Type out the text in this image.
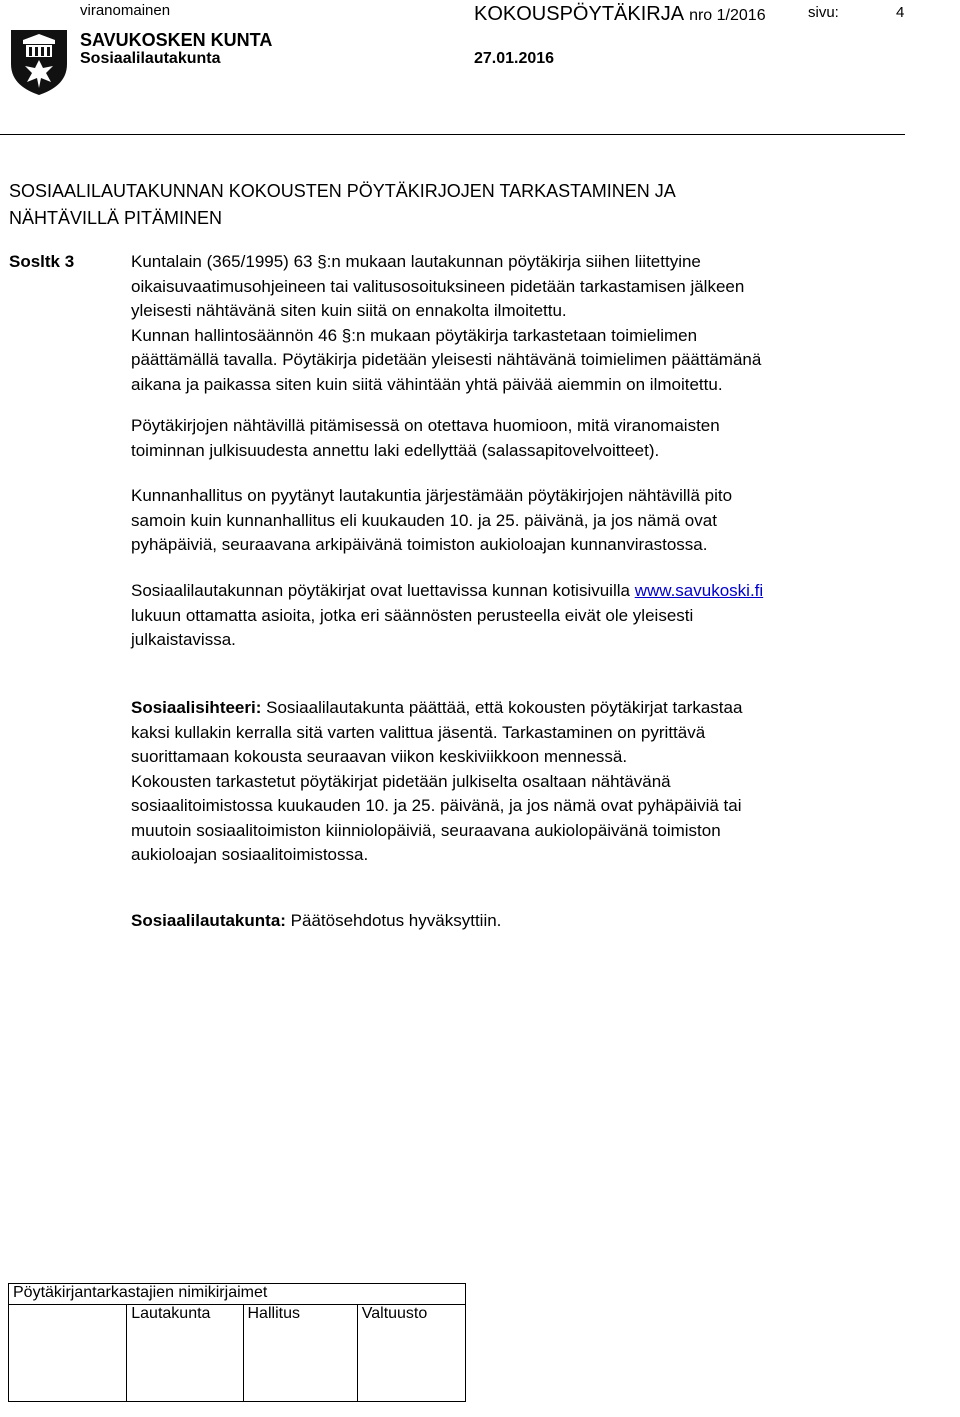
viranomainen	KOKOUSPÖYTÄKIRJA nro 1/2016	sivu:	4
SAVUKOSKEN KUNTA
Sosiaalilautakunta	27.01.2016
SOSIAALILAUTAKUNNAN KOKOUSTEN PÖYTÄKIRJOJEN TARKASTAMINEN JA
NÄHTÄVILLÄ PITÄMINEN
Sosltk 3	Kuntalain (365/1995) 63 §:n mukaan lautakunnan pöytäkirja siihen liitettyine
oikaisuvaatimusohjeineen tai valitusosoituksineen pidetään tarkastamisen jälkeen
yleisesti nähtävänä siten kuin siitä on ennakolta ilmoitettu.
Kunnan hallintosäännön 46 §:n mukaan pöytäkirja tarkastetaan toimielimen
päättämällä tavalla. Pöytäkirja pidetään yleisesti nähtävänä toimielimen päättämänä
aikana ja paikassa siten kuin siitä vähintään yhtä päivää aiemmin on ilmoitettu.
Pöytäkirjojen nähtävillä pitämisessä on otettava huomioon, mitä viranomaisten
toiminnan julkisuudesta annettu laki edellyttää (salassapitovelvoitteet).
Kunnanhallitus on pyytänyt lautakuntia järjestämään pöytäkirjojen nähtävillä pito
samoin kuin kunnanhallitus eli kuukauden 10. ja 25. päivänä, ja jos nämä ovat
pyhäpäiviä, seuraavana arkipäivänä toimiston aukioloajan kunnanvirastossa.
Sosiaalilautakunnan pöytäkirjat ovat luettavissa kunnan kotisivuilla www.savukoski.fi
lukuun ottamatta asioita, jotka eri säännösten perusteella eivät ole yleisesti
julkaistavissa.
Sosiaalisihteeri: Sosiaalilautakunta päättää, että kokousten pöytäkirjat tarkastaa
kaksi kullakin kerralla sitä varten valittua jäsentä. Tarkastaminen on pyrittävä
suorittamaan kokousta seuraavan viikon keskiviikkoon mennessä.
Kokousten tarkastetut pöytäkirjat pidetään julkiselta osaltaan nähtävänä
sosiaalitoimistossa kuukauden 10. ja 25. päivänä, ja jos nämä ovat pyhäpäiviä tai
muutoin sosiaalitoimiston kiinniolopäiviä, seuraavana aukiolopäivänä toimiston
aukioloajan sosiaalitoimistossa.
Sosiaalilautakunta: Päätösehdotus hyväksyttiin.
Pöytäkirjantarkastajien nimikirjaimet
	Lautakunta	Hallitus	Valtuusto
